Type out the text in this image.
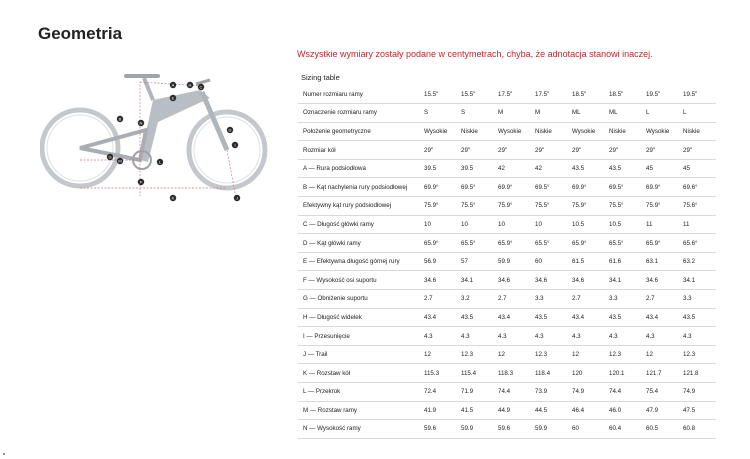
Geometria
A
B
C
D
E
F
G
H
I
J
K
L
M
N
Wszystkie wymiary zostały podane w centymetrach, chyba, że adnotacja stanowi inaczej.
Sizing table
Numer rozmiaru ramy	15.5"	15.5"	17.5"	17.5"	18.5"	18.5"	19.5"	19.5"
Oznaczenie rozmiaru ramy	S	S	M	M	ML	ML	L	L
Położenie geometryczne	Wysokie	Niskie	Wysokie	Niskie	Wysokie	Niskie	Wysokie	Niskie
Rozmiar kół	29"	29"	29"	29"	29"	29"	29"	29"
A — Rura podsiodłowa	39.5	39.5	42	42	43.5	43.5	45	45
B — Kąt nachylenia rury podsiodłowej	69.9°	69.5°	69.9°	69.5°	69.9°	69.5°	69.9°	69.6°
Efektywny kąt rury podsiodłowej	75.9°	75.5°	75.9°	75.5°	75.9°	75.5°	75.9°	75.6°
C — Długość główki ramy	10	10	10	10	10.5	10.5	11	11
D — Kąt główki ramy	65.9°	65.5°	65.9°	65.5°	65.9°	65.5°	65.9°	65.6°
E — Efektywna długość górnej rury	56.9	57	59.9	60	61.5	61.6	63.1	63.2
F — Wysokość osi suportu	34.6	34.1	34.6	34.6	34.6	34.1	34.6	34.1
G — Obniżenie suportu	2.7	3.2	2.7	3.3	2.7	3.3	2.7	3.3
H — Długość widelek	43.4	43.5	43.4	43.5	43.4	43.5	43.4	43.5
I — Przesunięcie	4.3	4.3	4.3	4.3	4.3	4.3	4.3	4.3
J — Trail	12	12.3	12	12.3	12	12.3	12	12.3
K — Rozstaw kół	115.3	115.4	118.3	118.4	120	120.1	121.7	121.8
L — Przekrok	72.4	71.9	74.4	73.9	74.9	74.4	75.4	74.9
M — Rozstaw ramy	41.9	41.5	44.9	44.5	46.4	46.0	47.9	47.5
N — Wysokość ramy	59.6	59.9	59.6	59.9	60	60.4	60.5	60.8
